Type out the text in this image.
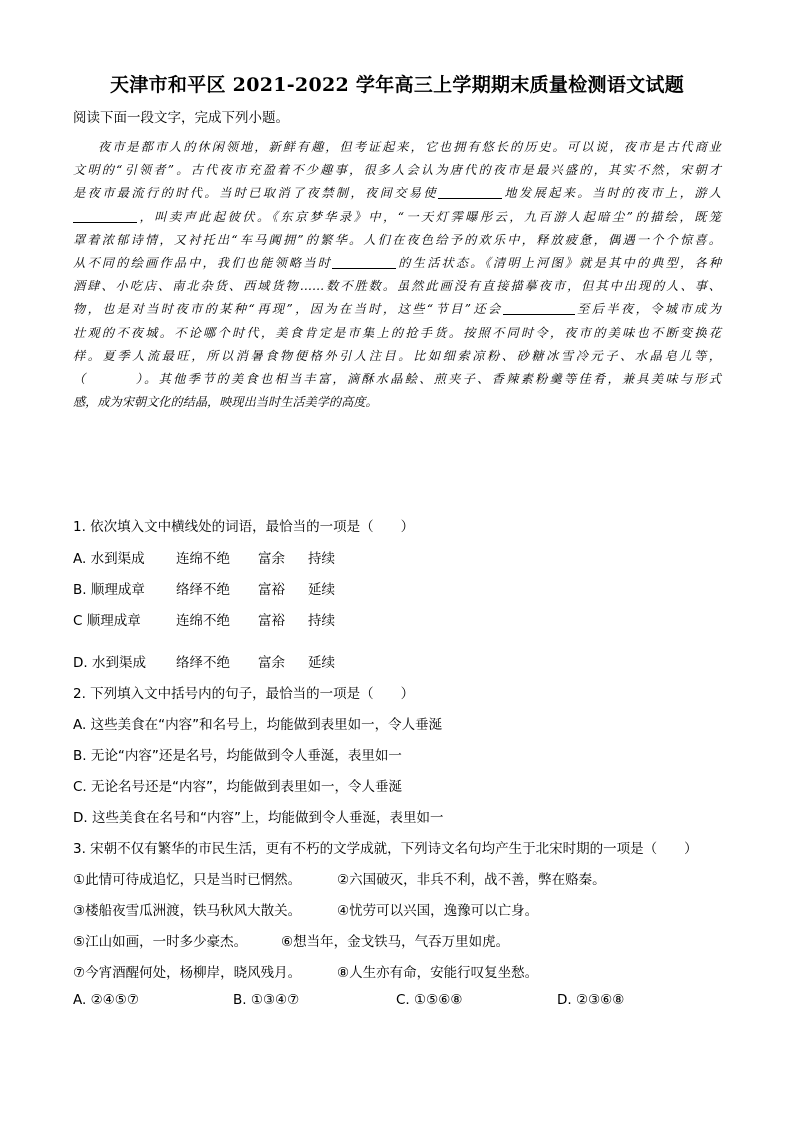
天津市和平区 2021-2022 学年高三上学期期末质量检测语文试题
阅读下面一段文字，完成下列小题。
夜市是都市人的休闲领地，新鲜有趣，但考证起来，它也拥有悠长的历史。可以说，夜市是古代商业
文明的“引领者”。古代夜市充盈着不少趣事，很多人会认为唐代的夜市是最兴盛的，其实不然，宋朝才
是夜市最流行的时代。当时已取消了夜禁制，夜间交易使	地发展起来。当时的夜市上，游人
，叫卖声此起彼伏。《东京梦华录》中，“一天灯霁曝彤云，九百游人起暗尘”的描绘，既笼
罩着浓郁诗情，又衬托出“车马阗拥”的繁华。人们在夜色给予的欢乐中，释放疲惫，偶遇一个个惊喜。
从不同的绘画作品中，我们也能领略当时	的生活状态。《清明上河图》就是其中的典型，各种
酒肆、小吃店、南北杂货、西域货物……数不胜数。虽然此画没有直接描摹夜市，但其中出现的人、事、
物，也是对当时夜市的某种“再现”，因为在当时，这些“节目”还会	至后半夜，令城市成为
壮观的不夜城。不论哪个时代，美食肯定是市集上的抢手货。按照不同时令，夜市的美味也不断变换花
样。夏季人流最旺，所以消暑食物便格外引人注目。比如细索凉粉、砂糖冰雪冷元子、水晶皂儿等，
（	）。其他季节的美食也相当丰富，滴酥水晶鲙、煎夹子、香辣素粉羹等佳肴，兼具美味与形式
感，成为宋朝文化的结晶，映现出当时生活美学的高度。
1. 依次填入文中横线处的词语，最恰当的一项是（　　）
A. 水到渠成 连绵不绝 富余 持续
B. 顺理成章 络绎不绝 富裕 延续
C 顺理成章	连绵不绝 富裕 持续
D. 水到渠成 络绎不绝 富余 延续
2. 下列填入文中括号内的句子，最恰当的一项是（　　）
A. 这些美食在“内容”和名号上，均能做到表里如一，令人垂涎
B. 无论“内容”还是名号，均能做到令人垂涎，表里如一
C. 无论名号还是“内容”，均能做到表里如一，令人垂涎
D. 这些美食在名号和“内容”上，均能做到令人垂涎，表里如一
3. 宋朝不仅有繁华的市民生活，更有不朽的文学成就，下列诗文名句均产生于北宋时期的一项是（　　）
①此情可待成追忆，只是当时已惘然。	②六国破灭，非兵不利，战不善，弊在赂秦。
③楼船夜雪瓜洲渡，铁马秋风大散关。	④忧劳可以兴国，逸豫可以亡身。
⑤江山如画，一时多少豪杰。	⑥想当年，金戈铁马，气吞万里如虎。
⑦今宵酒醒何处，杨柳岸，晓风残月。	⑧人生亦有命，安能行叹复坐愁。
A. ②④⑤⑦	B. ①③④⑦	C. ①⑤⑥⑧	D. ②③⑥⑧
